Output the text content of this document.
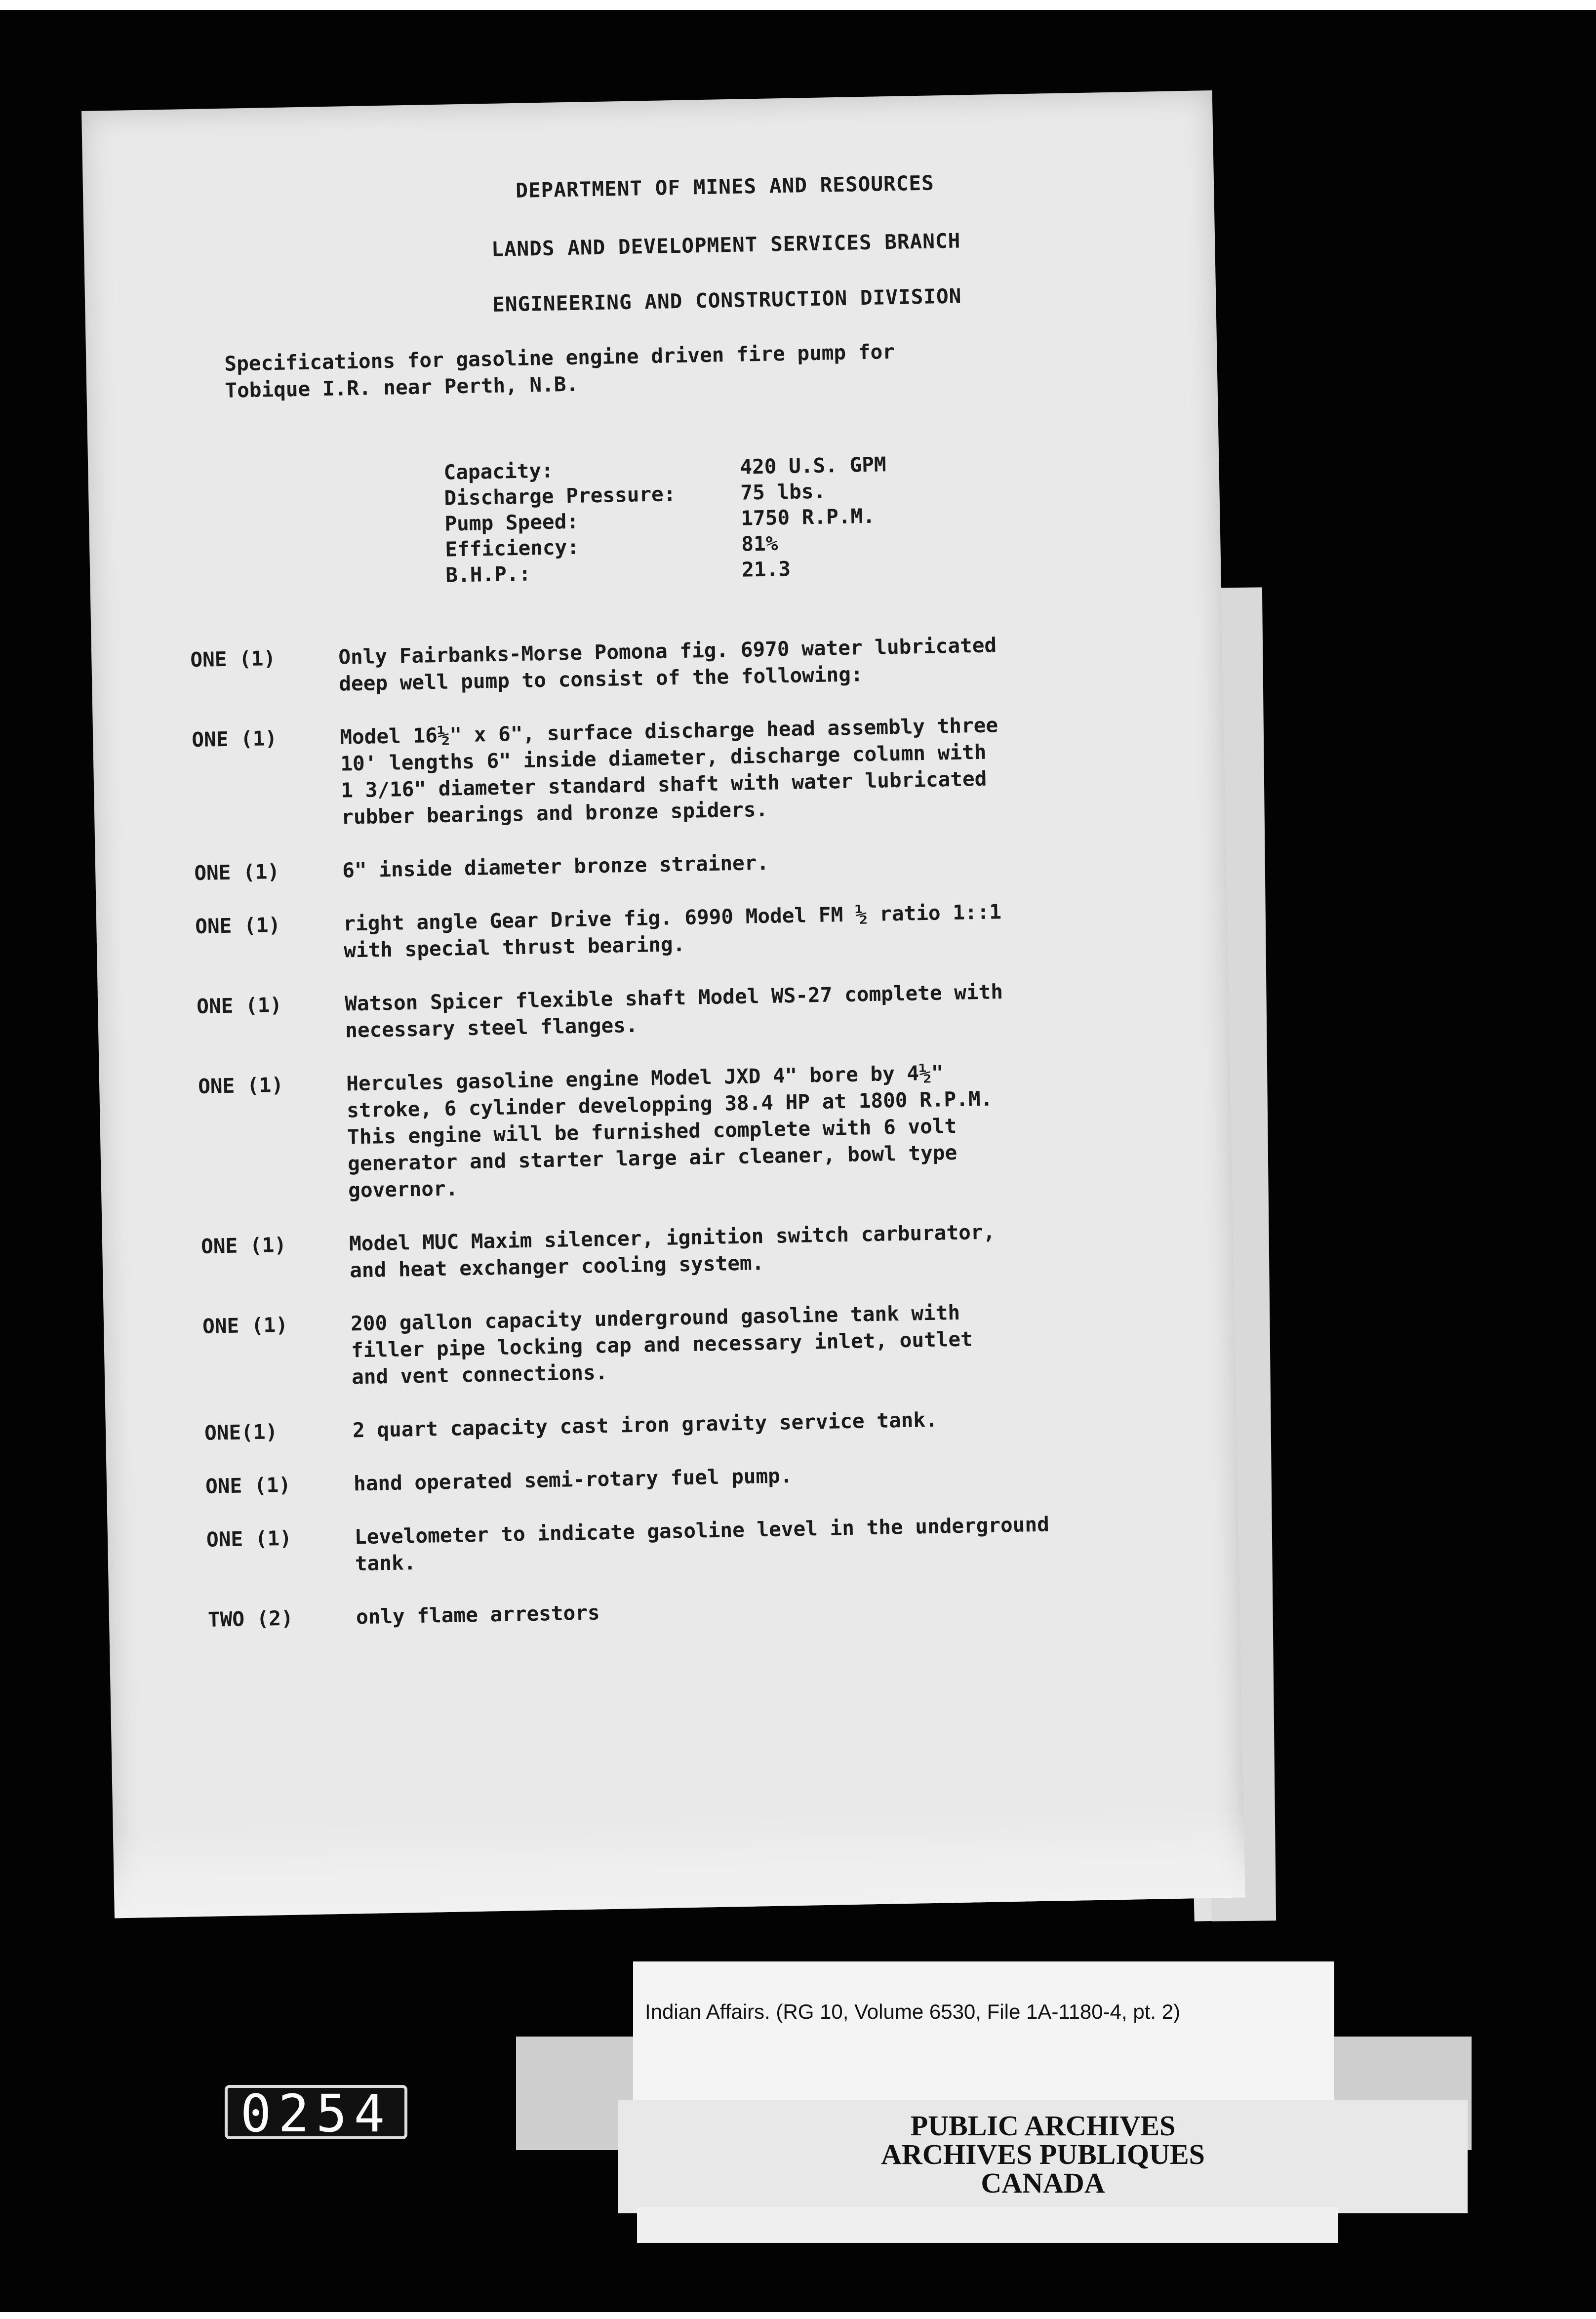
DEPARTMENT OF MINES AND RESOURCES
LANDS AND DEVELOPMENT SERVICES BRANCH
ENGINEERING AND CONSTRUCTION DIVISION
Specifications for gasoline engine driven fire pump for
Tobique I.R. near Perth, N.B.
Capacity:	420 U.S. GPM
Discharge Pressure:	75 lbs.
Pump Speed:	1750 R.P.M.
Efficiency:	81%
B.H.P.:	21.3
ONE (1)	Only Fairbanks-Morse Pomona fig. 6970 water lubricated
deep well pump to consist of the following:
ONE (1)	Model 16½" x 6", surface discharge head assembly three
10' lengths 6" inside diameter, discharge column with
1 3/16" diameter standard shaft with water lubricated
rubber bearings and bronze spiders.
ONE (1)	6" inside diameter bronze strainer.
ONE (1)	right angle Gear Drive fig. 6990 Model FM ½ ratio 1::1
with special thrust bearing.
ONE (1)	Watson Spicer flexible shaft Model WS-27 complete with
necessary steel flanges.
ONE (1)	Hercules gasoline engine Model JXD 4" bore by 4½"
stroke, 6 cylinder developping 38.4 HP at 1800 R.P.M.
This engine will be furnished complete with 6 volt
generator and starter large air cleaner, bowl type
governor.
ONE (1)	Model MUC Maxim silencer, ignition switch carburator,
and heat exchanger cooling system.
ONE (1)	200 gallon capacity underground gasoline tank with
filler pipe locking cap and necessary inlet, outlet
and vent connections.
ONE(1)	2 quart capacity cast iron gravity service tank.
ONE (1)	hand operated semi-rotary fuel pump.
ONE (1)	Levelometer to indicate gasoline level in the underground
tank.
TWO (2)	only flame arrestors
Indian Affairs. (RG 10, Volume 6530, File 1A-1180-4, pt. 2)
PUBLIC ARCHIVES
ARCHIVES PUBLIQUES
CANADA
0254
